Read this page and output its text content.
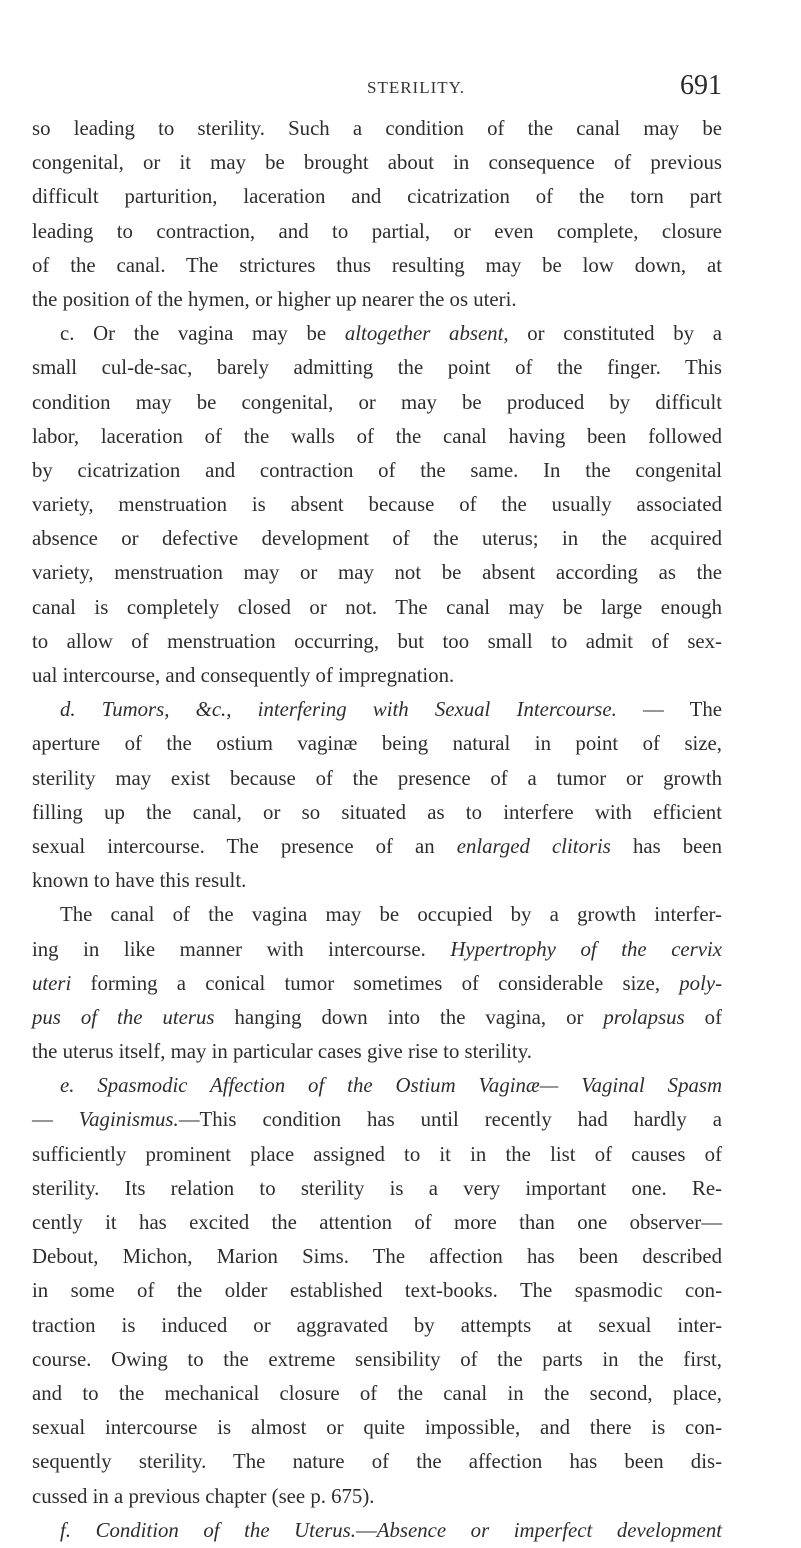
STERILITY.	691
so leading to sterility. Such a condition of the canal may be
congenital, or it may be brought about in consequence of previous
difficult parturition, laceration and cicatrization of the torn part
leading to contraction, and to partial, or even complete, closure
of the canal. The strictures thus resulting may be low down, at
the position of the hymen, or higher up nearer the os uteri.
c. Or the vagina may be altogether absent, or constituted by a
small cul-de-sac, barely admitting the point of the finger. This
condition may be congenital, or may be produced by difficult
labor, laceration of the walls of the canal having been followed
by cicatrization and contraction of the same. In the congenital
variety, menstruation is absent because of the usually associated
absence or defective development of the uterus; in the acquired
variety, menstruation may or may not be absent according as the
canal is completely closed or not. The canal may be large enough
to allow of menstruation occurring, but too small to admit of sex-
ual intercourse, and consequently of impregnation.
d. Tumors, &c., interfering with Sexual Intercourse. — The
aperture of the ostium vaginæ being natural in point of size,
sterility may exist because of the presence of a tumor or growth
filling up the canal, or so situated as to interfere with efficient
sexual intercourse. The presence of an enlarged clitoris has been
known to have this result.
The canal of the vagina may be occupied by a growth interfer-
ing in like manner with intercourse. Hypertrophy of the cervix
uteri forming a conical tumor sometimes of considerable size, poly-
pus of the uterus hanging down into the vagina, or prolapsus of
the uterus itself, may in particular cases give rise to sterility.
e. Spasmodic Affection of the Ostium Vaginæ— Vaginal Spasm
— Vaginismus.—This condition has until recently had hardly a
sufficiently prominent place assigned to it in the list of causes of
sterility. Its relation to sterility is a very important one. Re-
cently it has excited the attention of more than one observer—
Debout, Michon, Marion Sims. The affection has been described
in some of the older established text-books. The spasmodic con-
traction is induced or aggravated by attempts at sexual inter-
course. Owing to the extreme sensibility of the parts in the first,
and to the mechanical closure of the canal in the second, place,
sexual intercourse is almost or quite impossible, and there is con-
sequently sterility. The nature of the affection has been dis-
cussed in a previous chapter (see p. 675).
f. Condition of the Uterus.—Absence or imperfect development
